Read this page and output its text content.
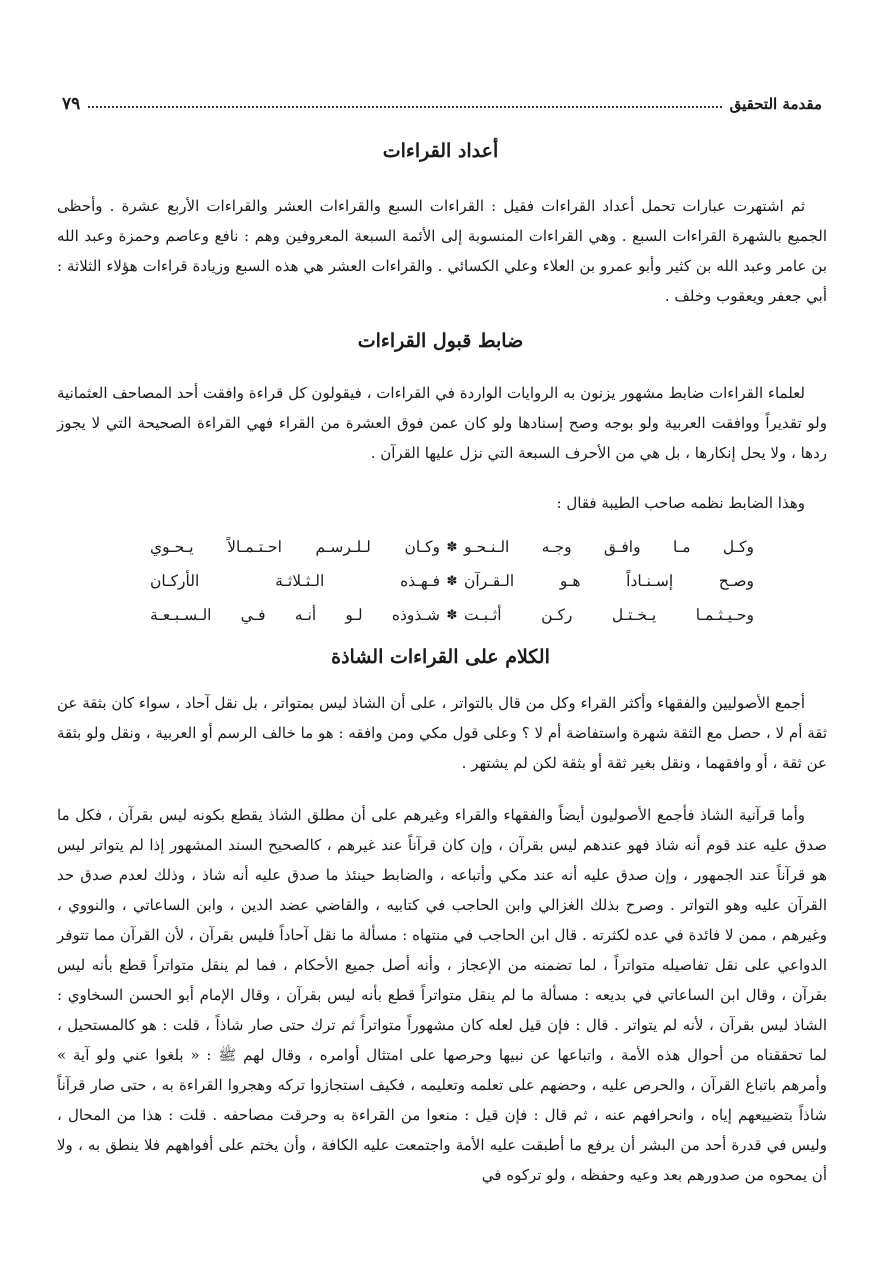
مقدمة التحقيق
٧٩
أعداد القراءات
ثم اشتهرت عبارات تحمل أعداد القراءات فقيل : القراءات السبع والقراءات العشر والقراءات الأربع عشرة . وأحظى الجميع بالشهرة القراءات السبع . وهي القراءات المنسوبة إلى الأئمة السبعة المعروفين وهم : نافع وعاصم وحمزة وعبد الله بن عامر وعبد الله بن كثير وأبو عمرو بن العلاء وعلي الكسائي . والقراءات العشر هي هذه السبع وزيادة قراءات هؤلاء الثلاثة : أبي جعفر ويعقوب وخلف .
ضابط قبول القراءات
لعلماء القراءات ضابط مشهور يزنون به الروايات الواردة في القراءات ، فيقولون كل قراءة وافقت أحد المصاحف العثمانية ولو تقديراً ووافقت العربية ولو بوجه وصح إسنادها ولو كان عمن فوق العشرة من القراء فهي القراءة الصحيحة التي لا يجوز ردها ، ولا يحل إنكارها ، بل هي من الأحرف السبعة التي نزل عليها القرآن .
وهذا الضابط نظمه صاحب الطيبة فقال :
وكـل مـا وافـق وجـه الـنـحـو
✽
وكـان لـلـرسـم احـتـمـالاً يـحـوي
وصـح إسـنـاداً هـو الـقـرآن
✽
فـهـذه الـثـلاثـة الأركـان
وحـيـثـمـا يـخـتـل ركـن أثـبـت
✽
شـذوذه لـو أنـه فـي الـسـبـعـة
الكلام على القراءات الشاذة
أجمع الأصوليين والفقهاء وأكثر القراء وكل من قال بالتواتر ، على أن الشاذ ليس بمتواتر ، بل نقل آحاد ، سواء كان بثقة عن ثقة أم لا ، حصل مع الثقة شهرة واستفاضة أم لا ؟ وعلى قول مكي ومن وافقه : هو ما خالف الرسم أو العربية ، ونقل ولو بثقة عن ثقة ، أو وافقهما ، ونقل بغير ثقة أو بثقة لكن لم يشتهر .
وأما قرآنية الشاذ فأجمع الأصوليون أيضاً والفقهاء والقراء وغيرهم على أن مطلق الشاذ يقطع بكونه ليس بقرآن ، فكل ما صدق عليه عند قوم أنه شاذ فهو عندهم ليس بقرآن ، وإن كان قرآناً عند غيرهم ، كالصحيح السند المشهور إذا لم يتواتر ليس هو قرآناً عند الجمهور ، وإن صدق عليه أنه عند مكي وأتباعه ، والضابط حينئذ ما صدق عليه أنه شاذ ، وذلك لعدم صدق حد القرآن عليه وهو التواتر . وصرح بذلك الغزالي وابن الحاجب في كتابيه ، والقاضي عضد الدين ، وابن الساعاتي ، والنووي ، وغيرهم ، ممن لا فائدة في عده لكثرته . قال ابن الحاجب في منتهاه : مسألة ما نقل آحاداً فليس بقرآن ، لأن القرآن مما تتوفر الدواعي على نقل تفاصيله متواتراً ، لما تضمنه من الإعجاز ، وأنه أصل جميع الأحكام ، فما لم ينقل متواتراً قطع بأنه ليس بقرآن ، وقال ابن الساعاتي في بديعه : مسألة ما لم ينقل متواتراً قطع بأنه ليس بقرآن ، وقال الإمام أبو الحسن السخاوي : الشاذ ليس بقرآن ، لأنه لم يتواتر . قال : فإن قيل لعله كان مشهوراً متواتراً ثم ترك حتى صار شاذاً ، قلت : هو كالمستحيل ، لما تحققناه من أحوال هذه الأمة ، واتباعها عن نبيها وحرصها على امتثال أوامره ، وقال لهم ﷺ : « بلغوا عني ولو آية » وأمرهم باتباع القرآن ، والحرص عليه ، وحضهم على تعلمه وتعليمه ، فكيف استجازوا تركه وهجروا القراءة به ، حتى صار قرآناً شاذاً بتضييعهم إياه ، وانحرافهم عنه ، ثم قال : فإن قيل : منعوا من القراءة به وحرقت مصاحفه . قلت : هذا من المحال ، وليس في قدرة أحد من البشر أن يرفع ما أطبقت عليه الأمة واجتمعت عليه الكافة ، وأن يختم على أفواههم فلا ينطق به ، ولا أن يمحوه من صدورهم بعد وعيه وحفظه ، ولو تركوه في
